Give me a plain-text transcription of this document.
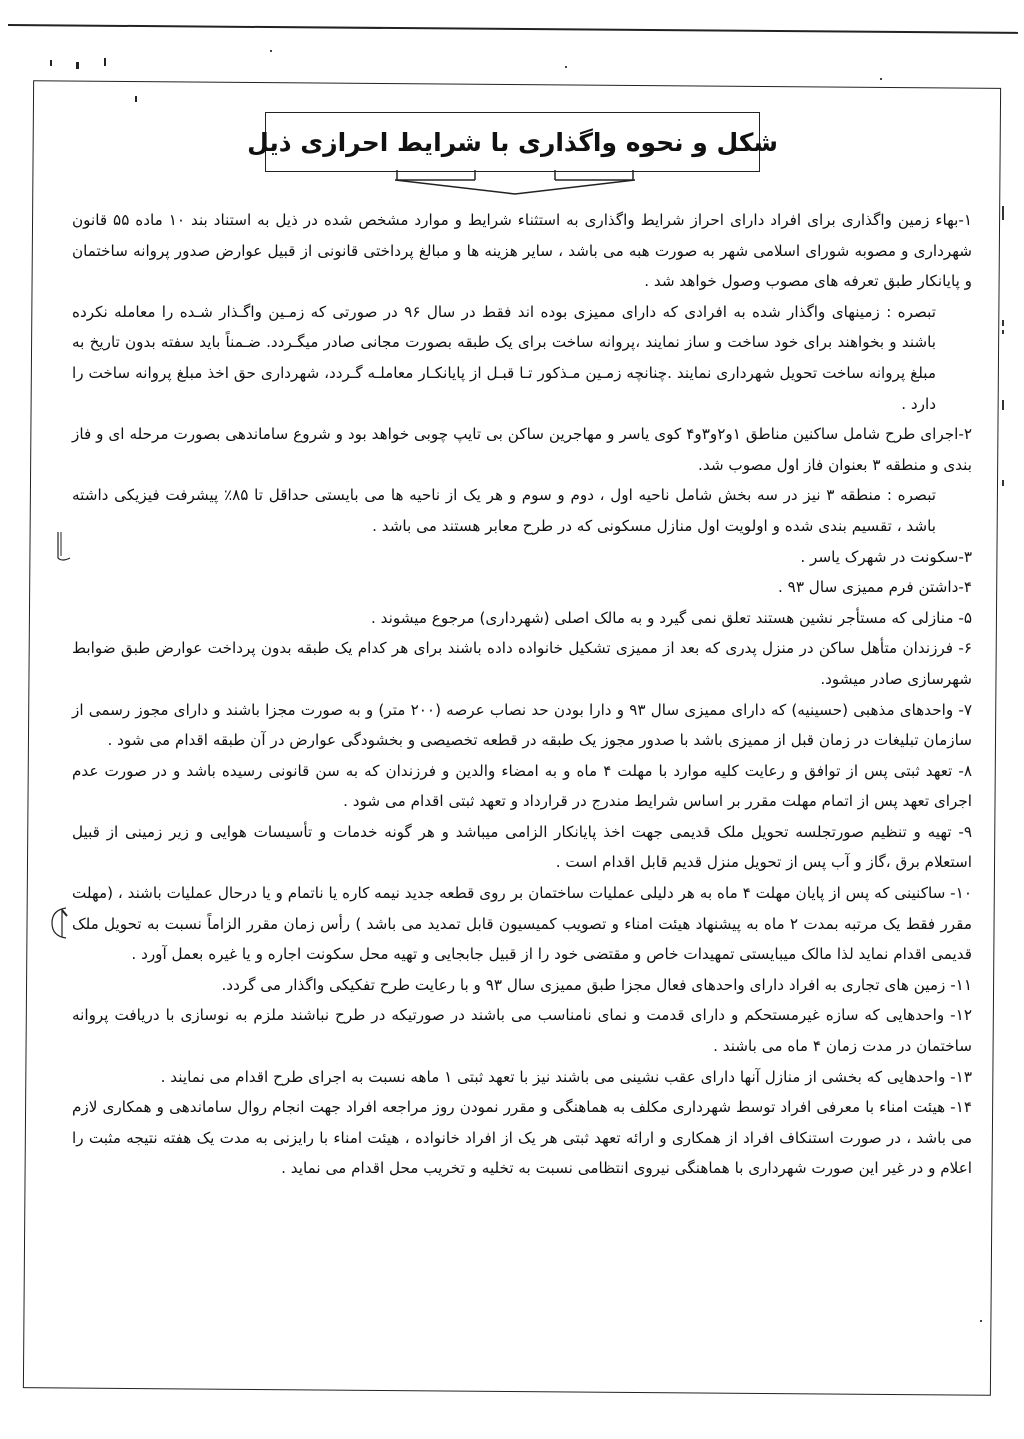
شکل و نحوه واگذاری با شرایط احرازی ذیل

۱-بهاء زمین واگذاری برای افراد دارای احراز شرایط واگذاری به استثناء شرایط و موارد مشخص شده در ذیل به استناد بند ۱۰ ماده ۵۵ قانون شهرداری و مصوبه شورای اسلامی شهر به صورت هبه می باشد ، سایر هزینه ها و مبالغ پرداختی قانونی از قبیل عوارض صدور پروانه ساختمان و پایانکار طبق تعرفه های مصوب وصول خواهد شد .

تبصره : زمینهای واگذار شده به افرادی که دارای ممیزی بوده اند فقط در سال ۹۶ در صورتی که زمـین واگـذار شـده را معامله نکرده باشند و بخواهند برای خود ساخت و ساز نمایند ،پروانه ساخت برای یک طبقه بصورت مجانی صادر میگـردد. ضـمناً باید سفته بدون تاریخ به مبلغ پروانه ساخت تحویل شهرداری نمایند .چنانچه زمـین مـذکور تـا قبـل از پایانکـار معاملـه گـردد، شهرداری حق اخذ مبلغ پروانه ساخت را دارد .

۲-اجرای طرح شامل ساکنین مناطق ۱و۲و۳و۴ کوی یاسر و مهاجرین ساکن بی تایپ چوبی خواهد بود و شروع ساماندهی بصورت مرحله ای و فاز بندی و منطقه ۳ بعنوان فاز اول مصوب شد.

تبصره : منطقه ۳ نیز در سه بخش شامل ناحیه اول ، دوم و سوم و هر یک از ناحیه ها می بایستی حداقل تا ۸۵٪ پیشرفت فیزیکی داشته باشد ، تقسیم بندی شده و اولویت اول منازل مسکونی که در طرح معابر هستند می باشد .

۳-سکونت در شهرک یاسر .

۴-داشتن فرم ممیزی سال ۹۳ .

۵- منازلی که مستأجر نشین هستند تعلق نمی گیرد و به مالک اصلی (شهرداری) مرجوع میشوند .

۶- فرزندان متأهل ساکن در منزل پدری که بعد از ممیزی تشکیل خانواده داده باشند برای هر کدام یک طبقه بدون پرداخت عوارض طبق ضوابط شهرسازی صادر میشود.

۷- واحدهای مذهبی (حسینیه) که دارای ممیزی سال ۹۳ و دارا بودن حد نصاب عرصه (۲۰۰ متر) و به صورت مجزا باشند و دارای مجوز رسمی از سازمان تبلیغات در زمان قبل از ممیزی باشد با صدور مجوز یک طبقه در قطعه تخصیصی و بخشودگی عوارض در آن طبقه اقدام می شود .

۸- تعهد ثبتی پس از توافق و رعایت کلیه موارد با مهلت ۴ ماه و به امضاء والدین و فرزندان که به سن قانونی رسیده باشد و در صورت عدم اجرای تعهد پس از اتمام مهلت مقرر بر اساس شرایط مندرج در قرارداد و تعهد ثبتی اقدام می شود .

۹- تهیه و تنظیم صورتجلسه تحویل ملک قدیمی جهت اخذ پایانکار الزامی میباشد و هر گونه خدمات و تأسیسات هوایی و زیر زمینی از قبیل استعلام برق ،گاز و آب پس از تحویل منزل قدیم قابل اقدام است .

۱۰- ساکنینی که پس از پایان مهلت ۴ ماه به هر دلیلی عملیات ساختمان بر روی قطعه جدید نیمه کاره یا ناتمام و یا درحال عملیات باشند ، (مهلت مقرر فقط یک مرتبه بمدت ۲ ماه به پیشنهاد هیئت امناء و تصویب کمیسیون قابل تمدید می باشد ) رأس زمان مقرر الزاماً نسبت به تحویل ملک قدیمی اقدام نماید لذا مالک میبایستی تمهیدات خاص و مقتضی خود را از قبیل جابجایی و تهیه محل سکونت اجاره و یا غیره بعمل آورد .

۱۱- زمین های تجاری به افراد دارای واحدهای فعال مجزا طبق ممیزی سال ۹۳ و با رعایت طرح تفکیکی واگذار می گردد.

۱۲- واحدهایی که سازه غیرمستحکم و دارای قدمت و نمای نامناسب می باشند در صورتیکه در طرح نباشند ملزم به نوسازی با دریافت پروانه ساختمان در مدت زمان ۴ ماه می باشند .

۱۳- واحدهایی که بخشی از منازل آنها دارای عقب نشینی می باشند نیز با تعهد ثبتی ۱ ماهه نسبت به اجرای طرح اقدام می نمایند .

۱۴- هیئت امناء با معرفی افراد توسط شهرداری مکلف به هماهنگی و مقرر نمودن روز مراجعه افراد جهت انجام روال ساماندهی و همکاری لازم می باشد ، در صورت استنکاف افراد از همکاری و ارائه تعهد ثبتی هر یک از افراد خانواده ، هیئت امناء با رایزنی به مدت یک هفته نتیجه مثبت را اعلام و در غیر این صورت شهرداری با هماهنگی نیروی انتظامی نسبت به تخلیه و تخریب محل اقدام می نماید .
